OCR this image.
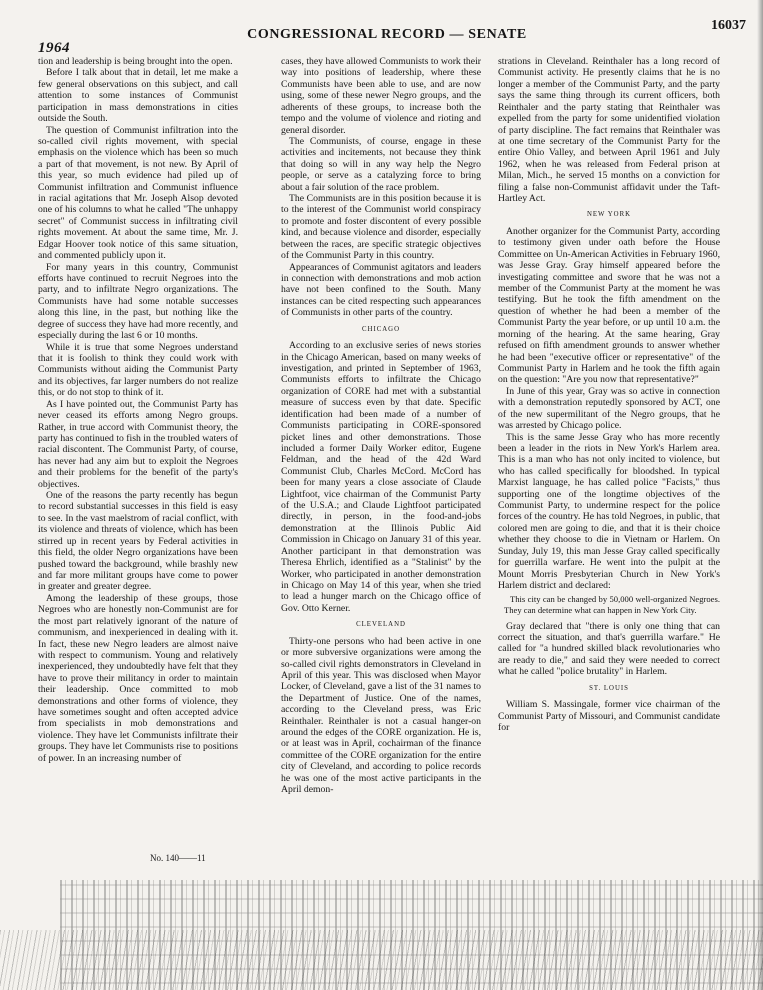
1964
CONGRESSIONAL RECORD — SENATE
16037

tion and leadership is being brought into the open.

Before I talk about that in detail, let me make a few general observations on this subject, and call attention to some instances of Communist participation in mass demonstrations in cities outside the South.

The question of Communist infiltration into the so-called civil rights movement, with special emphasis on the violence which has been so much a part of that movement, is not new. By April of this year, so much evidence had piled up of Communist infiltration and Communist influence in racial agitations that Mr. Joseph Alsop devoted one of his columns to what he called "The unhappy secret" of Communist success in infiltrating civil rights movement. At about the same time, Mr. J. Edgar Hoover took notice of this same situation, and commented publicly upon it.

For many years in this country, Communist efforts have continued to recruit Negroes into the party, and to infiltrate Negro organizations. The Communists have had some notable successes along this line, in the past, but nothing like the degree of success they have had more recently, and especially during the last 6 or 10 months.

While it is true that some Negroes understand that it is foolish to think they could work with Communists without aiding the Communist Party and its objectives, far larger numbers do not realize this, or do not stop to think of it.

As I have pointed out, the Communist Party has never ceased its efforts among Negro groups. Rather, in true accord with Communist theory, the party has continued to fish in the troubled waters of racial discontent. The Communist Party, of course, has never had any aim but to exploit the Negroes and their problems for the benefit of the party's objectives.

One of the reasons the party recently has begun to record substantial successes in this field is easy to see. In the vast maelstrom of racial conflict, with its violence and threats of violence, which has been stirred up in recent years by Federal activities in this field, the older Negro organizations have been pushed toward the background, while brashly new and far more militant groups have come to power in greater and greater degree.

Among the leadership of these groups, those Negroes who are honestly non-Communist are for the most part relatively ignorant of the nature of communism, and inexperienced in dealing with it. In fact, these new Negro leaders are almost naive with respect to communism. Young and relatively inexperienced, they undoubtedly have felt that they have to prove their militancy in order to maintain their leadership. Once committed to mob demonstrations and other forms of violence, they have sometimes sought and often accepted advice from specialists in mob demonstrations and violence. They have let Communists infiltrate their groups. They have let Communists rise to positions of power. In an increasing number of

cases, they have allowed Communists to work their way into positions of leadership, where these Communists have been able to use, and are now using, some of these newer Negro groups, and the adherents of these groups, to increase both the tempo and the volume of violence and rioting and general disorder.

The Communists, of course, engage in these activities and incitements, not because they think that doing so will in any way help the Negro people, or serve as a catalyzing force to bring about a fair solution of the race problem.

The Communists are in this position because it is to the interest of the Communist world conspiracy to promote and foster discontent of every possible kind, and because violence and disorder, especially between the races, are specific strategic objectives of the Communist Party in this country.

Appearances of Communist agitators and leaders in connection with demonstrations and mob action have not been confined to the South. Many instances can be cited respecting such appearances of Communists in other parts of the country.

CHICAGO

According to an exclusive series of news stories in the Chicago American, based on many weeks of investigation, and printed in September of 1963, Communists efforts to infiltrate the Chicago organization of CORE had met with a substantial measure of success even by that date. Specific identification had been made of a number of Communists participating in CORE-sponsored picket lines and other demonstrations. Those included a former Daily Worker editor, Eugene Feldman, and the head of the 42d Ward Communist Club, Charles McCord. McCord has been for many years a close associate of Claude Lightfoot, vice chairman of the Communist Party of the U.S.A.; and Claude Lightfoot participated directly, in person, in the food-and-jobs demonstration at the Illinois Public Aid Commission in Chicago on January 31 of this year. Another participant in that demonstration was Theresa Ehrlich, identified as a "Stalinist" by the Worker, who participated in another demonstration in Chicago on May 14 of this year, when she tried to lead a hunger march on the Chicago office of Gov. Otto Kerner.

CLEVELAND

Thirty-one persons who had been active in one or more subversive organizations were among the so-called civil rights demonstrators in Cleveland in April of this year. This was disclosed when Mayor Locker, of Cleveland, gave a list of the 31 names to the Department of Justice. One of the names, according to the Cleveland press, was Eric Reinthaler. Reinthaler is not a casual hanger-on around the edges of the CORE organization. He is, or at least was in April, cochairman of the finance committee of the CORE organization for the entire city of Cleveland, and according to police records he was one of the most active participants in the April demon-

strations in Cleveland. Reinthaler has a long record of Communist activity. He presently claims that he is no longer a member of the Communist Party, and the party says the same thing through its current officers, both Reinthaler and the party stating that Reinthaler was expelled from the party for some unidentified violation of party discipline. The fact remains that Reinthaler was at one time secretary of the Communist Party for the entire Ohio Valley, and between April 1961 and July 1962, when he was released from Federal prison at Milan, Mich., he served 15 months on a conviction for filing a false non-Communist affidavit under the Taft-Hartley Act.

NEW YORK

Another organizer for the Communist Party, according to testimony given under oath before the House Committee on Un-American Activities in February 1960, was Jesse Gray. Gray himself appeared before the investigating committee and swore that he was not a member of the Communist Party at the moment he was testifying. But he took the fifth amendment on the question of whether he had been a member of the Communist Party the year before, or up until 10 a.m. the morning of the hearing. At the same hearing, Gray refused on fifth amendment grounds to answer whether he had been "executive officer or representative" of the Communist Party in Harlem and he took the fifth again on the question: "Are you now that representative?"

In June of this year, Gray was so active in connection with a demonstration reputedly sponsored by ACT, one of the new supermilitant of the Negro groups, that he was arrested by Chicago police.

This is the same Jesse Gray who has more recently been a leader in the riots in New York's Harlem area. This is a man who has not only incited to violence, but who has called specifically for bloodshed. In typical Marxist language, he has called police "Facists," thus supporting one of the longtime objectives of the Communist Party, to undermine respect for the police forces of the country. He has told Negroes, in public, that colored men are going to die, and that it is their choice whether they choose to die in Vietnam or Harlem. On Sunday, July 19, this man Jesse Gray called specifically for guerrilla warfare. He went into the pulpit at the Mount Morris Presbyterian Church in New York's Harlem district and declared:

This city can be changed by 50,000 well-organized Negroes. They can determine what can happen in New York City.

Gray declared that "there is only one thing that can correct the situation, and that's guerrilla warfare." He called for "a hundred skilled black revolutionaries who are ready to die," and said they were needed to correct what he called "police brutality" in Harlem.

ST. LOUIS

William S. Massingale, former vice chairman of the Communist Party of Missouri, and Communist candidate for

No. 140——11
